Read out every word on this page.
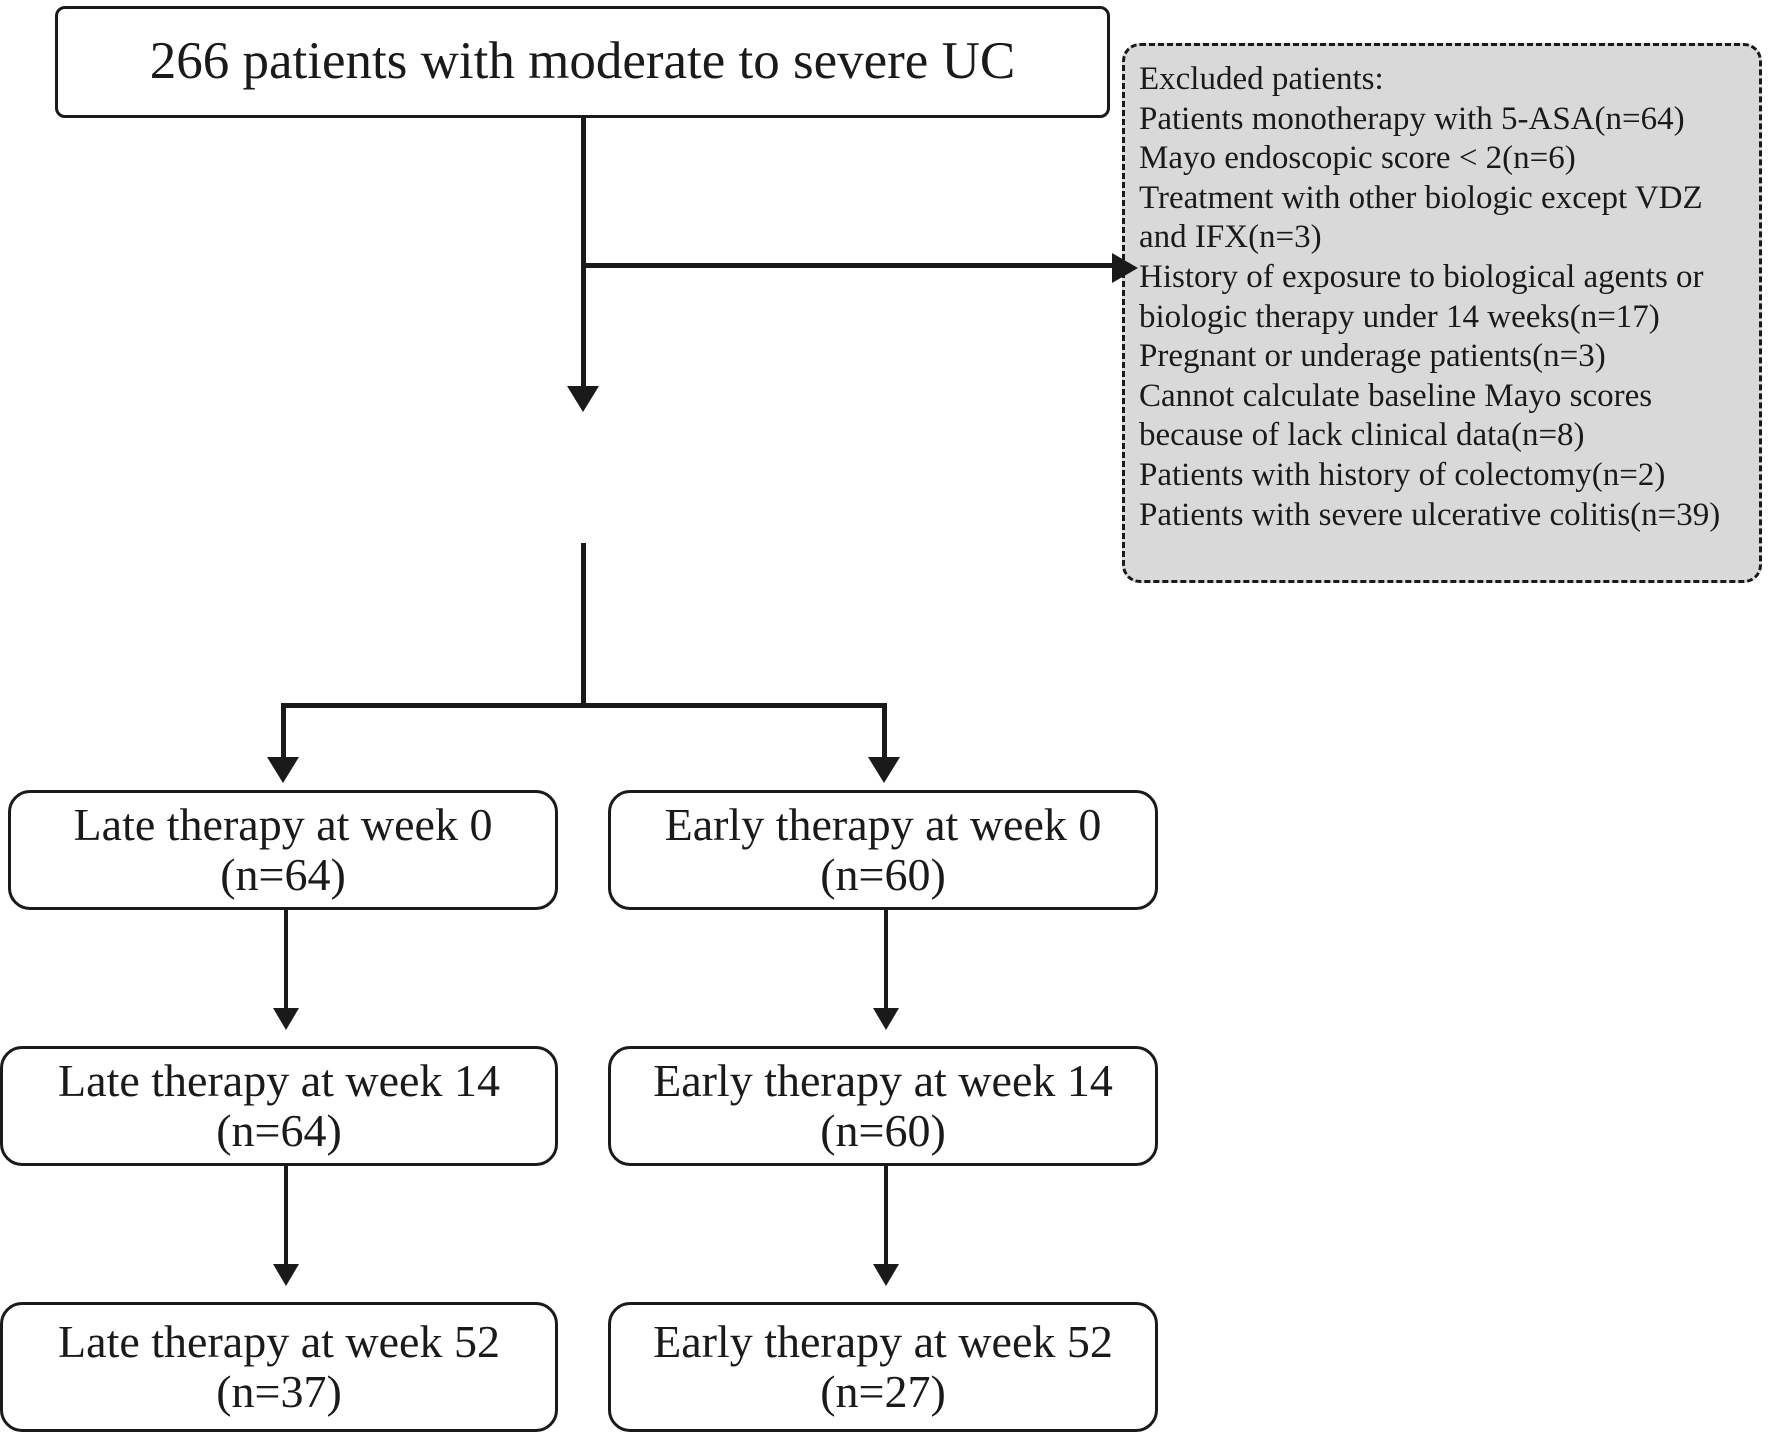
266 patients with moderate to severe UC	Excluded patients:
Patients monotherapy with 5-ASA(n=64)
Mayo endoscopic score < 2(n=6)
Treatment with other biologic except VDZ
and IFX(n=3)
History of exposure to biological agents or
biologic therapy under 14 weeks(n=17)
Pregnant or underage patients(n=3)
Cannot calculate baseline Mayo scores
because of lack clinical data(n=8)
Patients with history of colectomy(n=2)
Patients with severe ulcerative colitis(n=39)
Late therapy at week 0
(n=64)
Early therapy at week 0
(n=60)
Late therapy at week 14
(n=64)
Early therapy at week 14
(n=60)
Late therapy at week 52
(n=37)
Early therapy at week 52
(n=27)
